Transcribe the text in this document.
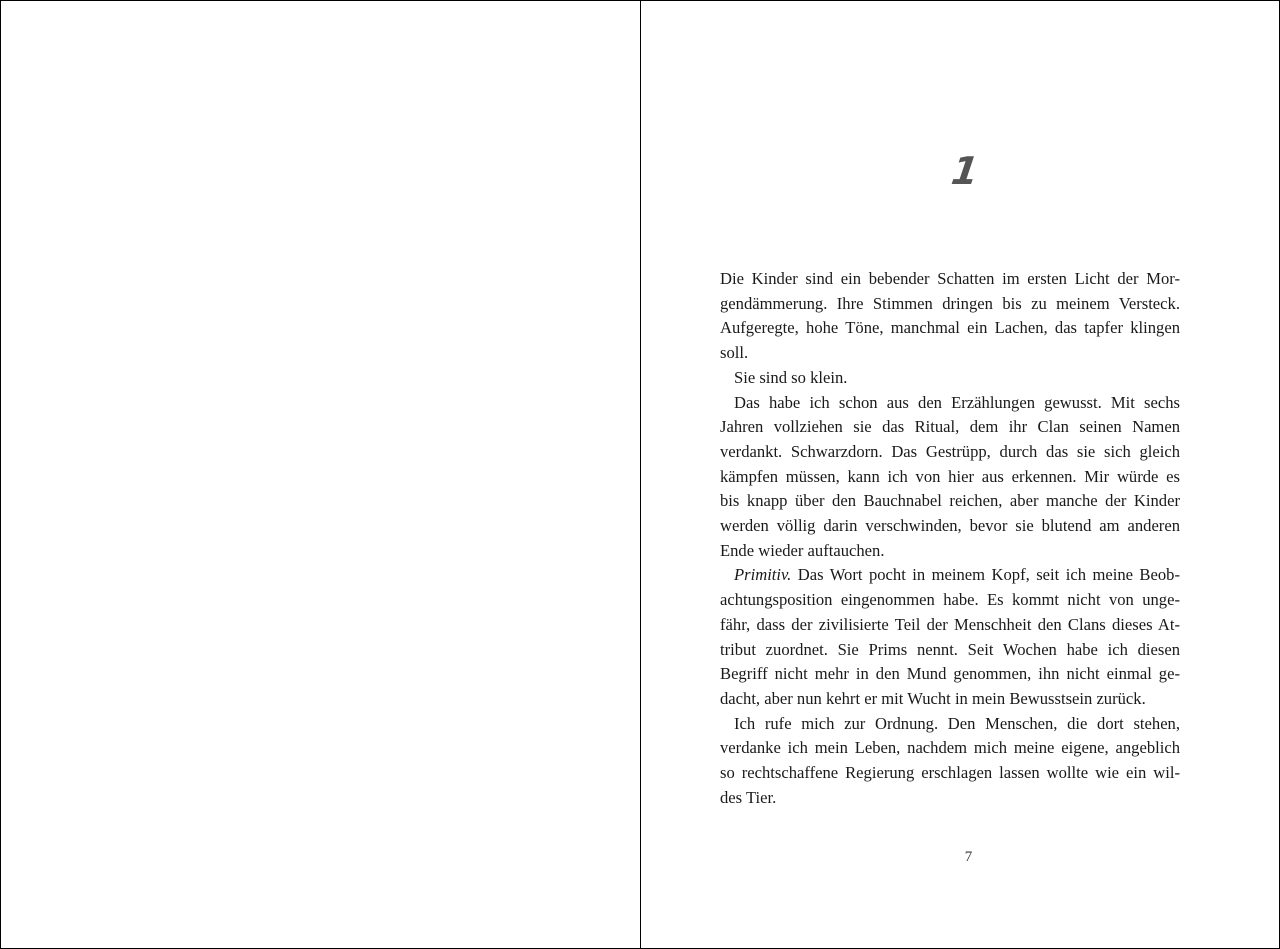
1
Die Kinder sind ein bebender Schatten im ersten Licht der Mor-
gendämmerung. Ihre Stimmen dringen bis zu meinem Versteck.
Aufgeregte, hohe Töne, manchmal ein Lachen, das tapfer klingen
soll.
Sie sind so klein.
Das habe ich schon aus den Erzählungen gewusst. Mit sechs
Jahren vollziehen sie das Ritual, dem ihr Clan seinen Namen
verdankt. Schwarzdorn. Das Gestrüpp, durch das sie sich gleich
kämpfen müssen, kann ich von hier aus erkennen. Mir würde es
bis knapp über den Bauchnabel reichen, aber manche der Kinder
werden völlig darin verschwinden, bevor sie blutend am anderen
Ende wieder auftauchen.
Primitiv. Das Wort pocht in meinem Kopf, seit ich meine Beob-
achtungsposition eingenommen habe. Es kommt nicht von unge-
fähr, dass der zivilisierte Teil der Menschheit den Clans dieses At-
tribut zuordnet. Sie Prims nennt. Seit Wochen habe ich diesen
Begriff nicht mehr in den Mund genommen, ihn nicht einmal ge-
dacht, aber nun kehrt er mit Wucht in mein Bewusstsein zurück.
Ich rufe mich zur Ordnung. Den Menschen, die dort stehen,
verdanke ich mein Leben, nachdem mich meine eigene, angeblich
so rechtschaffene Regierung erschlagen lassen wollte wie ein wil-
des Tier.
7
